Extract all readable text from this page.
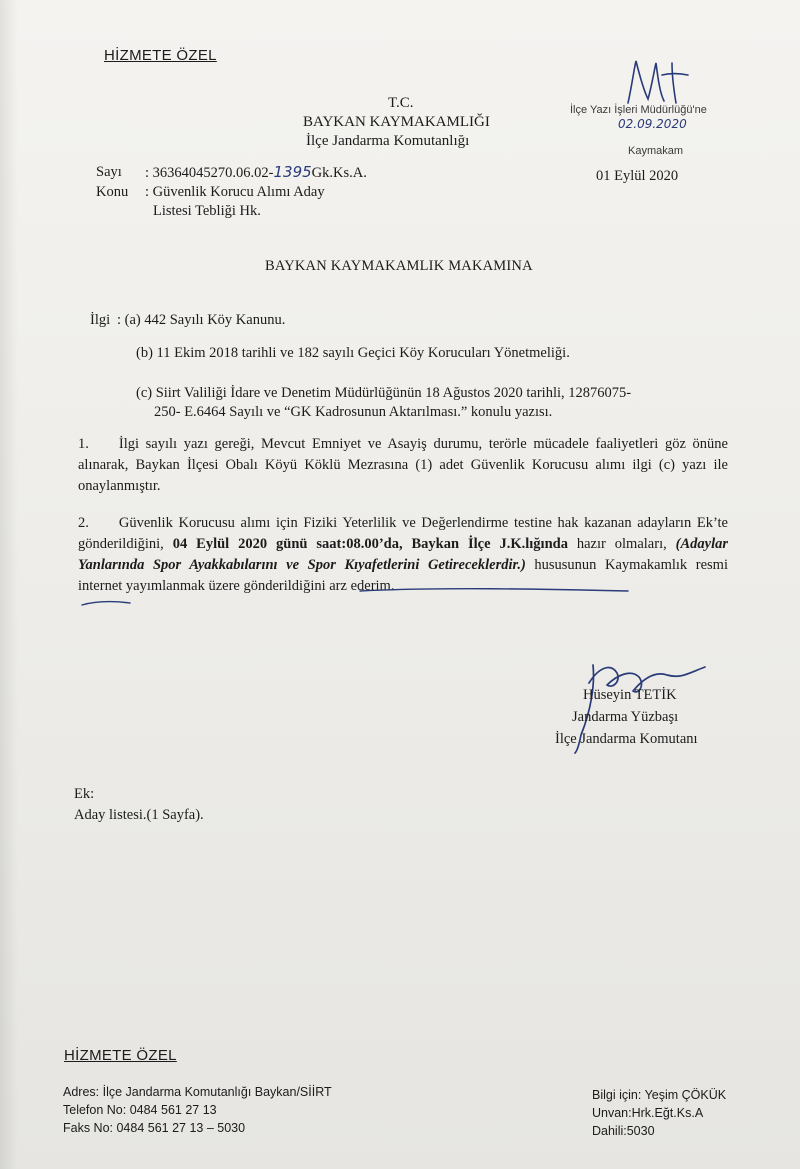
HİZMETE ÖZEL
T.C.
BAYKAN KAYMAKAMLIĞI
İlçe Jandarma Komutanlığı
İlçe Yazı İşleri Müdürlüğü'ne
02.09.2020
Kaymakam
Sayı : 36364045270.06.02-1395Gk.Ks.A.
Konu : Güvenlik Korucu Alımı Aday
Listesi Tebliği Hk.
01 Eylül 2020
BAYKAN KAYMAKAMLIK MAKAMINA
İlgi : (a) 442 Sayılı Köy Kanunu.
(b) 11 Ekim 2018 tarihli ve 182 sayılı Geçici Köy Korucuları Yönetmeliği.
(c) Siirt Valiliği İdare ve Denetim Müdürlüğünün 18 Ağustos 2020 tarihli, 12876075-
250- E.6464 Sayılı ve “GK Kadrosunun Aktarılması.” konulu yazısı.
1. İlgi sayılı yazı gereği, Mevcut Emniyet ve Asayiş durumu, terörle mücadele faaliyetleri göz önüne alınarak, Baykan İlçesi Obalı Köyü Köklü Mezrasına (1) adet Güvenlik Korucusu alımı ilgi (c) yazı ile onaylanmıştır.
2. Güvenlik Korucusu alımı için Fiziki Yeterlilik ve Değerlendirme testine hak kazanan adayların Ek’te gönderildiğini, 04 Eylül 2020 günü saat:08.00’da, Baykan İlçe J.K.lığında hazır olmaları, (Adaylar Yanlarında Spor Ayakkabılarını ve Spor Kıyafetlerini Getireceklerdir.) hususunun Kaymakamlık resmi internet yayımlanmak üzere gönderildiğini arz ederim.
Hüseyin TETİK
Jandarma Yüzbaşı
İlçe Jandarma Komutanı
Ek:
Aday listesi.(1 Sayfa).
HİZMETE ÖZEL
Adres: İlçe Jandarma Komutanlığı Baykan/SİİRT
Telefon No: 0484 561 27 13
Faks No: 0484 561 27 13 – 5030
Bilgi için: Yeşim ÇÖKÜK
Unvan:Hrk.Eğt.Ks.A
Dahili:5030
